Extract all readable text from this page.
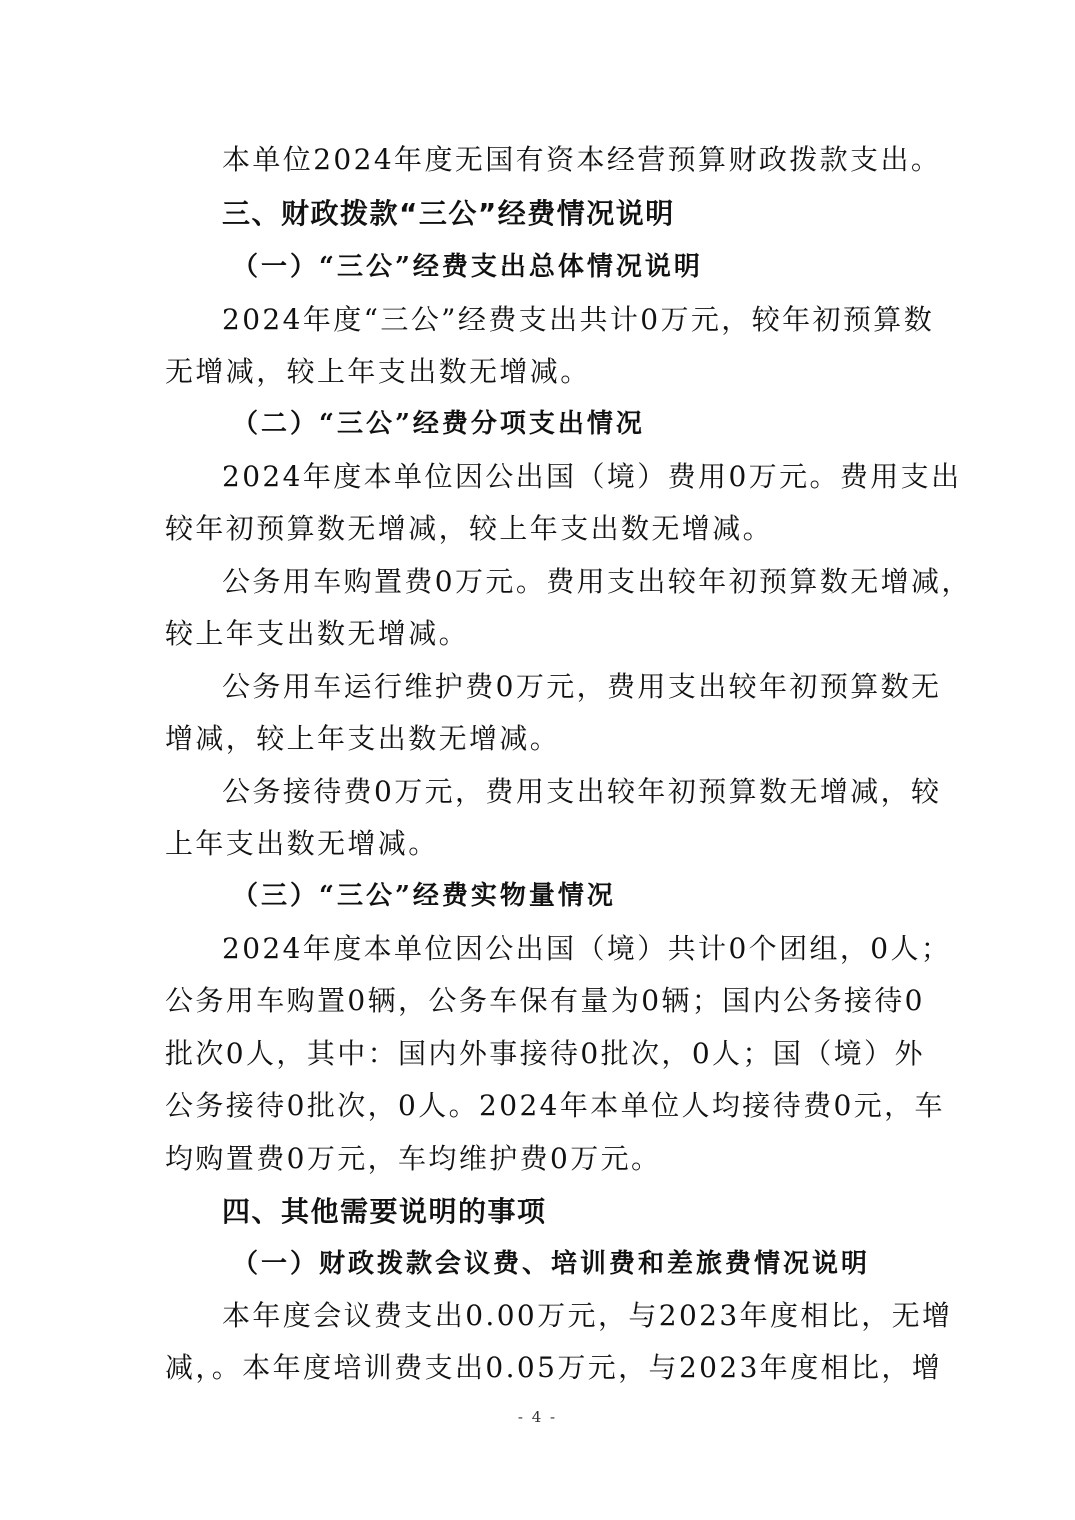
本单位2024年度无国有资本经营预算财政拨款支出。
三、财政拨款“三公”经费情况说明
（一）“三公”经费支出总体情况说明
2024年度“三公”经费支出共计0万元，较年初预算数
无增减，较上年支出数无增减。
（二）“三公”经费分项支出情况
2024年度本单位因公出国（境）费用0万元。费用支出
较年初预算数无增减，较上年支出数无增减。
公务用车购置费0万元。费用支出较年初预算数无增减，
较上年支出数无增减。
公务用车运行维护费0万元，费用支出较年初预算数无
增减，较上年支出数无增减。
公务接待费0万元，费用支出较年初预算数无增减，较
上年支出数无增减。
（三）“三公”经费实物量情况
2024年度本单位因公出国（境）共计0个团组，0人；
公务用车购置0辆，公务车保有量为0辆；国内公务接待0
批次0人，其中：国内外事接待0批次，0人；国（境）外
公务接待0批次，0人。2024年本单位人均接待费0元，车
均购置费0万元，车均维护费0万元。
四、其他需要说明的事项
（一）财政拨款会议费、培训费和差旅费情况说明
本年度会议费支出0.00万元，与2023年度相比，无增
减，。本年度培训费支出0.05万元，与2023年度相比，增
- 4 -
